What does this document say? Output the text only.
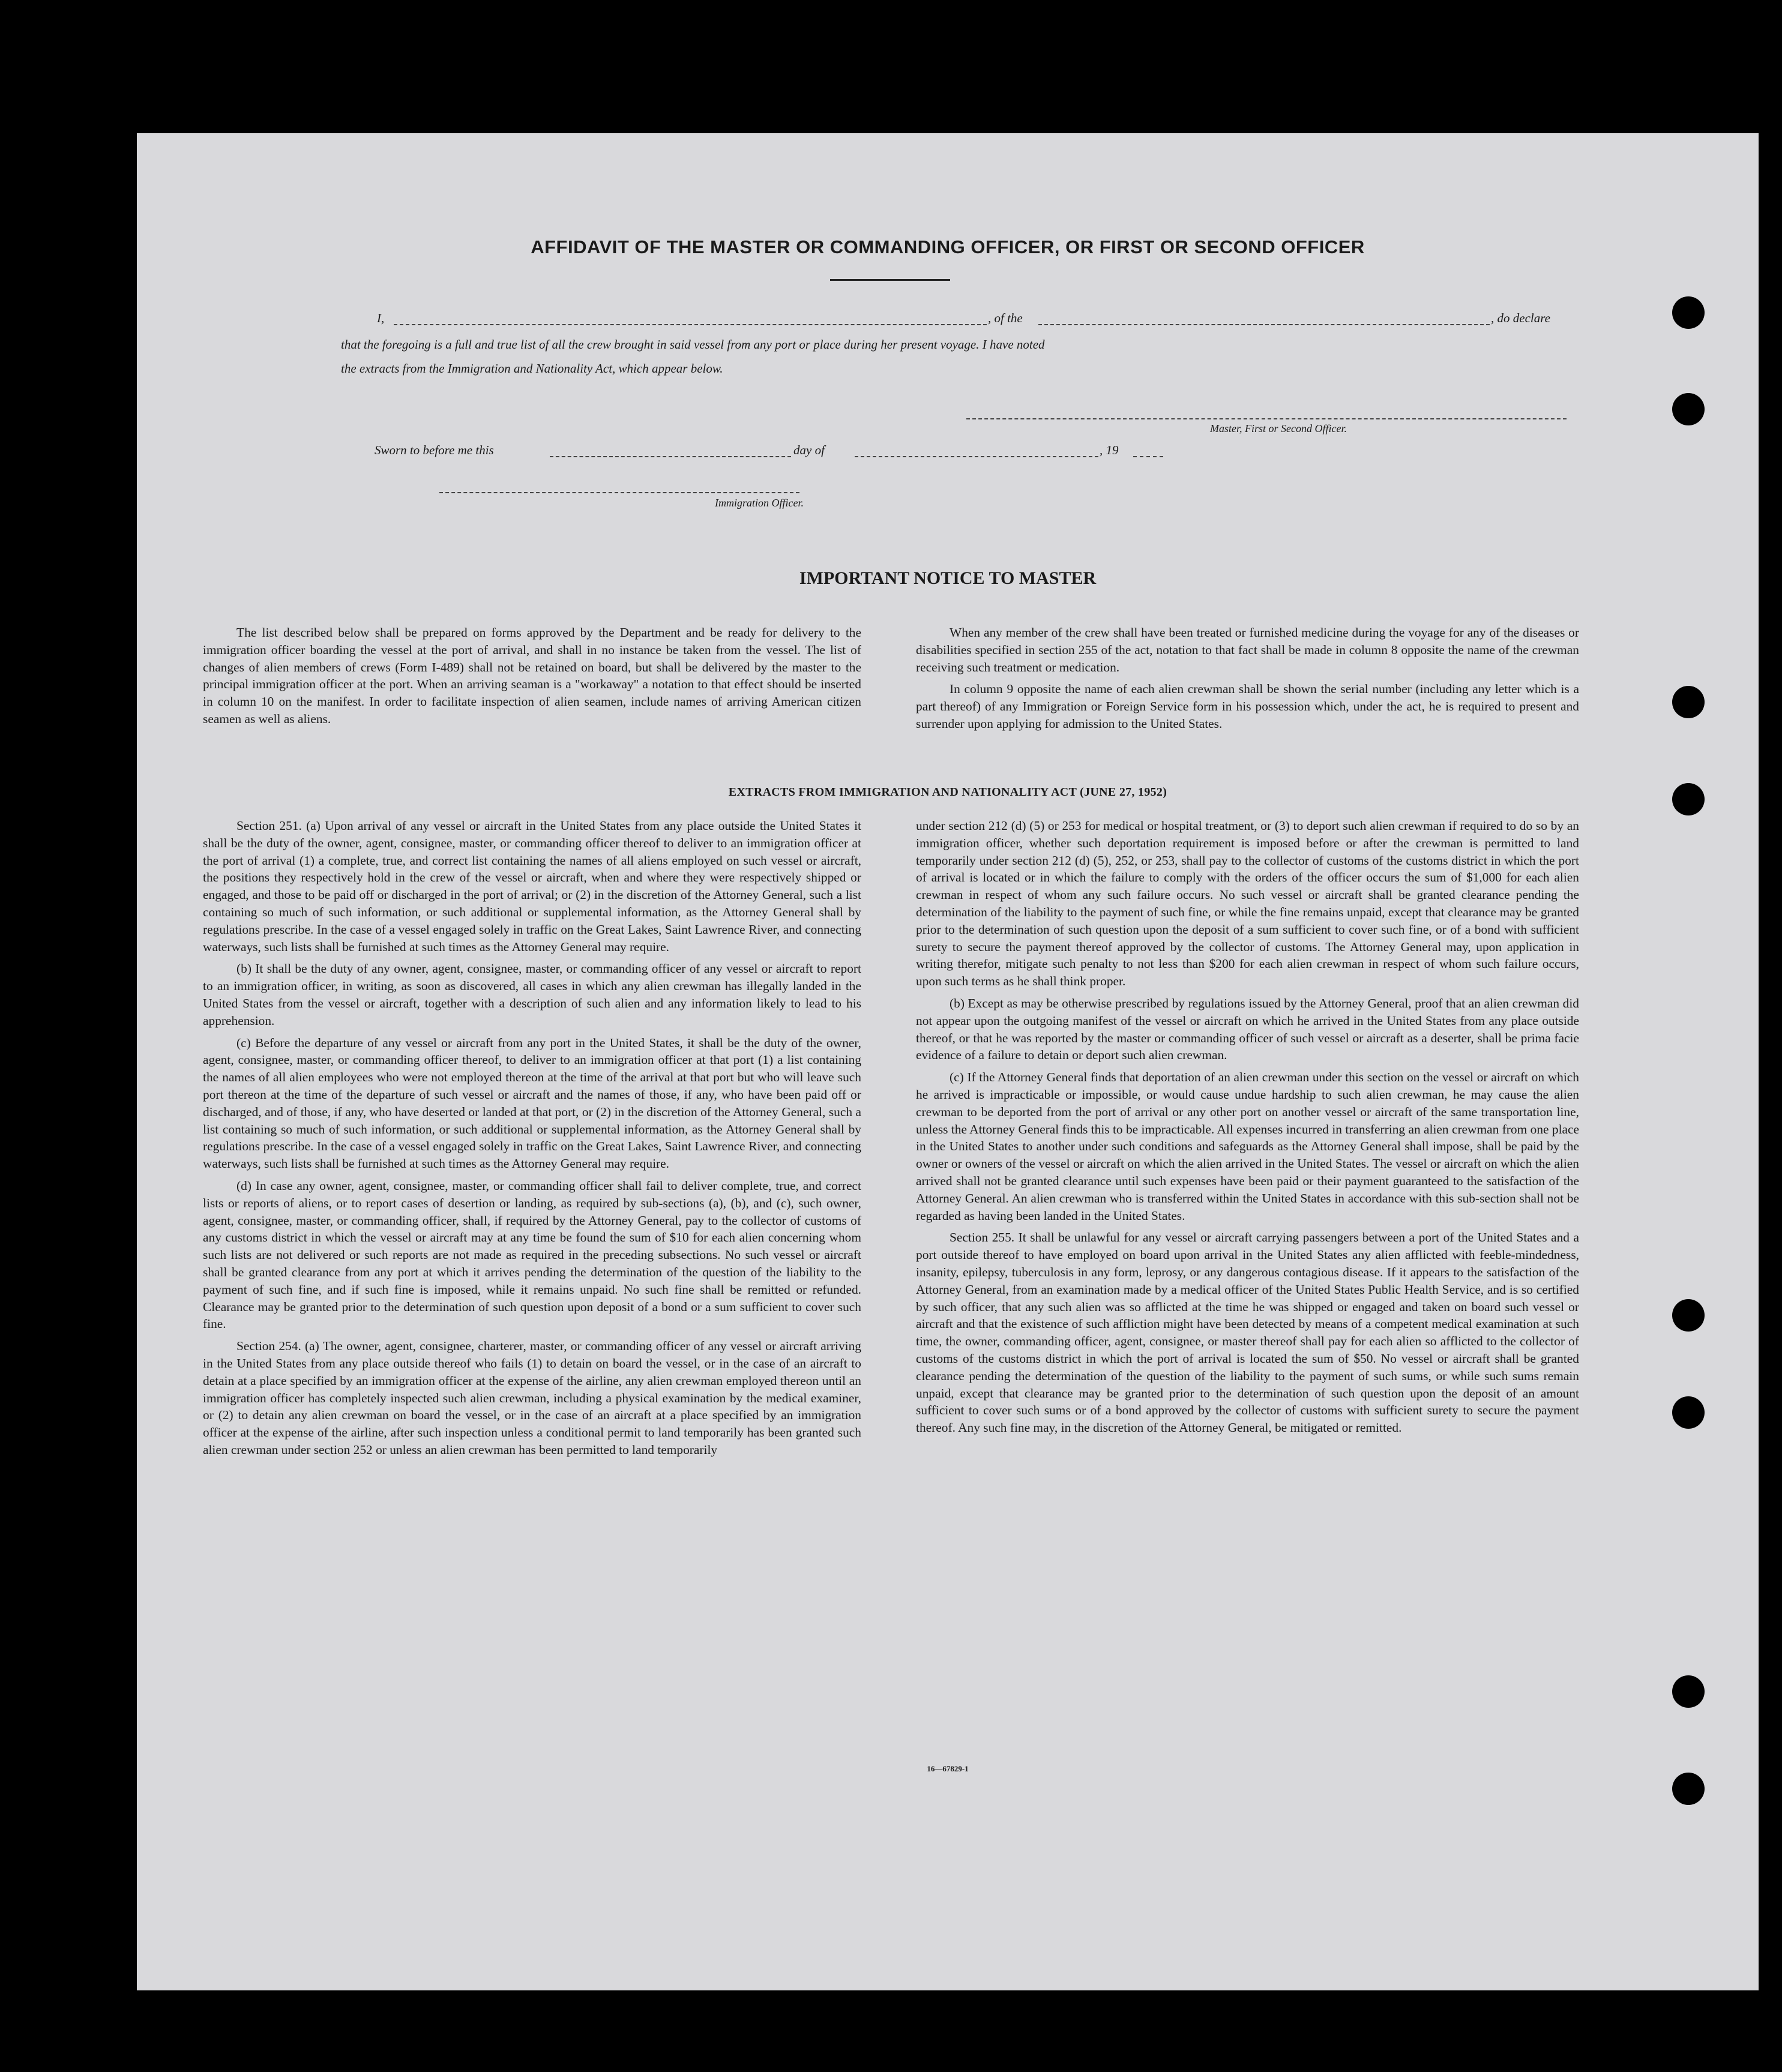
AFFIDAVIT OF THE MASTER OR COMMANDING OFFICER, OR FIRST OR SECOND OFFICER
I,	, of the	, do declare
that the foregoing is a full and true list of all the crew brought in said vessel from any port or place during her present voyage. I have noted
the extracts from the Immigration and Nationality Act, which appear below.
Master, First or Second Officer.
Sworn to before me this	day of	, 19
Immigration Officer.
IMPORTANT NOTICE TO MASTER

The list described below shall be prepared on forms approved by the Department and be ready for delivery to the immigration officer boarding the vessel at the port of arrival, and shall in no instance be taken from the vessel. The list of changes of alien members of crews (Form I-489) shall not be retained on board, but shall be delivered by the master to the principal immigration officer at the port. When an arriving seaman is a "workaway" a notation to that effect should be inserted in column 10 on the manifest. In order to facilitate inspection of alien seamen, include names of arriving American citizen seamen as well as aliens.

When any member of the crew shall have been treated or furnished medicine during the voyage for any of the diseases or disabilities specified in section 255 of the act, notation to that fact shall be made in column 8 opposite the name of the crewman receiving such treatment or medication.

In column 9 opposite the name of each alien crewman shall be shown the serial number (including any letter which is a part thereof) of any Immigration or Foreign Service form in his possession which, under the act, he is required to present and surrender upon applying for admission to the United States.

EXTRACTS FROM IMMIGRATION AND NATIONALITY ACT (JUNE 27, 1952)

Section 251. (a) Upon arrival of any vessel or aircraft in the United States from any place outside the United States it shall be the duty of the owner, agent, consignee, master, or commanding officer thereof to deliver to an immigration officer at the port of arrival (1) a complete, true, and correct list containing the names of all aliens employed on such vessel or aircraft, the positions they respectively hold in the crew of the vessel or aircraft, when and where they were respectively shipped or engaged, and those to be paid off or discharged in the port of arrival; or (2) in the discretion of the Attorney General, such a list containing so much of such information, or such additional or supplemental information, as the Attorney General shall by regulations prescribe. In the case of a vessel engaged solely in traffic on the Great Lakes, Saint Lawrence River, and connecting waterways, such lists shall be furnished at such times as the Attorney General may require.

(b) It shall be the duty of any owner, agent, consignee, master, or commanding officer of any vessel or aircraft to report to an immigration officer, in writing, as soon as discovered, all cases in which any alien crewman has illegally landed in the United States from the vessel or aircraft, together with a description of such alien and any information likely to lead to his apprehension.

(c) Before the departure of any vessel or aircraft from any port in the United States, it shall be the duty of the owner, agent, consignee, master, or commanding officer thereof, to deliver to an immigration officer at that port (1) a list containing the names of all alien employees who were not employed thereon at the time of the arrival at that port but who will leave such port thereon at the time of the departure of such vessel or aircraft and the names of those, if any, who have been paid off or discharged, and of those, if any, who have deserted or landed at that port, or (2) in the discretion of the Attorney General, such a list containing so much of such information, or such additional or supplemental information, as the Attorney General shall by regulations prescribe. In the case of a vessel engaged solely in traffic on the Great Lakes, Saint Lawrence River, and connecting waterways, such lists shall be furnished at such times as the Attorney General may require.

(d) In case any owner, agent, consignee, master, or commanding officer shall fail to deliver complete, true, and correct lists or reports of aliens, or to report cases of desertion or landing, as required by sub-sections (a), (b), and (c), such owner, agent, consignee, master, or commanding officer, shall, if required by the Attorney General, pay to the collector of customs of any customs district in which the vessel or aircraft may at any time be found the sum of $10 for each alien concerning whom such lists are not delivered or such reports are not made as required in the preceding subsections. No such vessel or aircraft shall be granted clearance from any port at which it arrives pending the determination of the question of the liability to the payment of such fine, and if such fine is imposed, while it remains unpaid. No such fine shall be remitted or refunded. Clearance may be granted prior to the determination of such question upon deposit of a bond or a sum sufficient to cover such fine.

Section 254. (a) The owner, agent, consignee, charterer, master, or commanding officer of any vessel or aircraft arriving in the United States from any place outside thereof who fails (1) to detain on board the vessel, or in the case of an aircraft to detain at a place specified by an immigration officer at the expense of the airline, any alien crewman employed thereon until an immigration officer has completely inspected such alien crewman, including a physical examination by the medical examiner, or (2) to detain any alien crewman on board the vessel, or in the case of an aircraft at a place specified by an immigration officer at the expense of the airline, after such inspection unless a conditional permit to land temporarily has been granted such alien crewman under section 252 or unless an alien crewman has been permitted to land temporarily

under section 212 (d) (5) or 253 for medical or hospital treatment, or (3) to deport such alien crewman if required to do so by an immigration officer, whether such deportation requirement is imposed before or after the crewman is permitted to land temporarily under section 212 (d) (5), 252, or 253, shall pay to the collector of customs of the customs district in which the port of arrival is located or in which the failure to comply with the orders of the officer occurs the sum of $1,000 for each alien crewman in respect of whom any such failure occurs. No such vessel or aircraft shall be granted clearance pending the determination of the liability to the payment of such fine, or while the fine remains unpaid, except that clearance may be granted prior to the determination of such question upon the deposit of a sum sufficient to cover such fine, or of a bond with sufficient surety to secure the payment thereof approved by the collector of customs. The Attorney General may, upon application in writing therefor, mitigate such penalty to not less than $200 for each alien crewman in respect of whom such failure occurs, upon such terms as he shall think proper.

(b) Except as may be otherwise prescribed by regulations issued by the Attorney General, proof that an alien crewman did not appear upon the outgoing manifest of the vessel or aircraft on which he arrived in the United States from any place outside thereof, or that he was reported by the master or commanding officer of such vessel or aircraft as a deserter, shall be prima facie evidence of a failure to detain or deport such alien crewman.

(c) If the Attorney General finds that deportation of an alien crewman under this section on the vessel or aircraft on which he arrived is impracticable or impossible, or would cause undue hardship to such alien crewman, he may cause the alien crewman to be deported from the port of arrival or any other port on another vessel or aircraft of the same transportation line, unless the Attorney General finds this to be impracticable. All expenses incurred in transferring an alien crewman from one place in the United States to another under such conditions and safeguards as the Attorney General shall impose, shall be paid by the owner or owners of the vessel or aircraft on which the alien arrived in the United States. The vessel or aircraft on which the alien arrived shall not be granted clearance until such expenses have been paid or their payment guaranteed to the satisfaction of the Attorney General. An alien crewman who is transferred within the United States in accordance with this sub-section shall not be regarded as having been landed in the United States.

Section 255. It shall be unlawful for any vessel or aircraft carrying passengers between a port of the United States and a port outside thereof to have employed on board upon arrival in the United States any alien afflicted with feeble-mindedness, insanity, epilepsy, tuberculosis in any form, leprosy, or any dangerous contagious disease. If it appears to the satisfaction of the Attorney General, from an examination made by a medical officer of the United States Public Health Service, and is so certified by such officer, that any such alien was so afflicted at the time he was shipped or engaged and taken on board such vessel or aircraft and that the existence of such affliction might have been detected by means of a competent medical examination at such time, the owner, commanding officer, agent, consignee, or master thereof shall pay for each alien so afflicted to the collector of customs of the customs district in which the port of arrival is located the sum of $50. No vessel or aircraft shall be granted clearance pending the determination of the question of the liability to the payment of such sums, or while such sums remain unpaid, except that clearance may be granted prior to the determination of such question upon the deposit of an amount sufficient to cover such sums or of a bond approved by the collector of customs with sufficient surety to secure the payment thereof. Any such fine may, in the discretion of the Attorney General, be mitigated or remitted.

16—67829-1
